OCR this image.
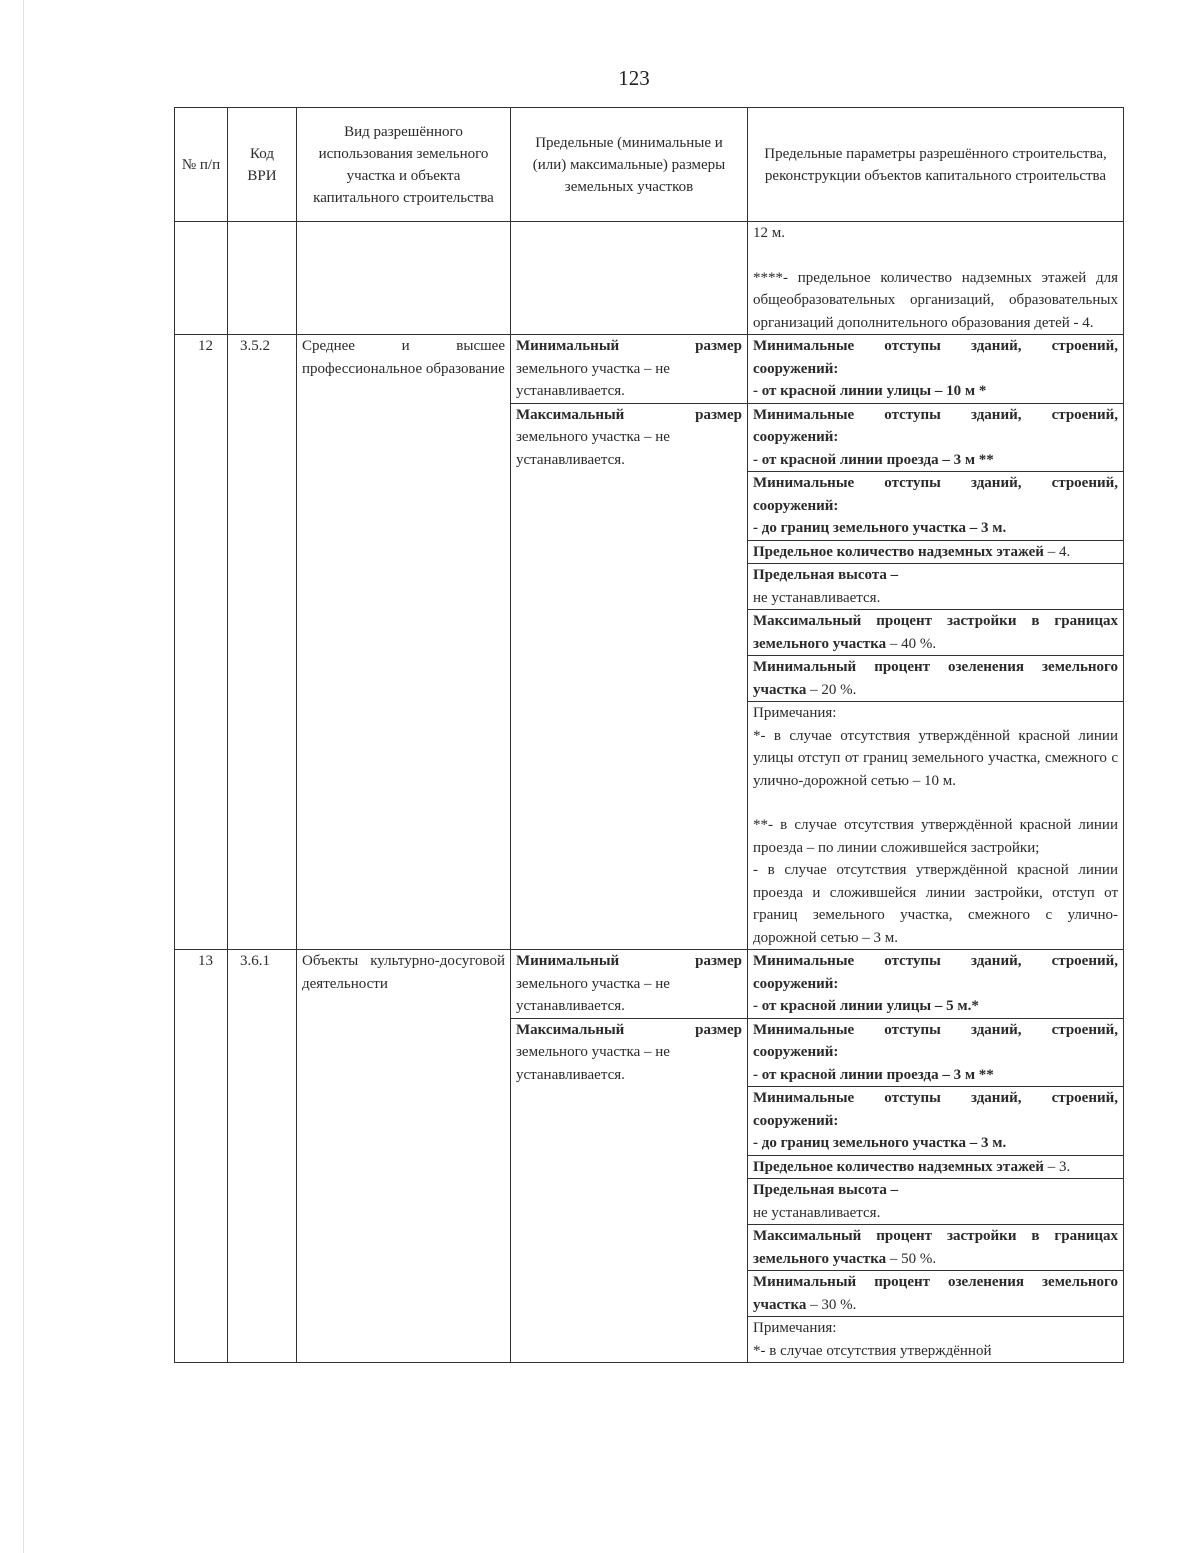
123
№ п/п	Код ВРИ	Вид разрешённого использования земельного участка и объекта капитального строительства	Предельные (минимальные и (или) максимальные) размеры земельных участков	Предельные параметры разрешённого строительства, реконструкции объектов капитального строительства

				12 м.

****- предельное количество надземных этажей для общеобразовательных организаций, образовательных организаций дополнительного образования детей - 4.

12	3.5.2	Среднее и высшее профессиональное образование	Минимальный размер
земельного участка – не устанавливается.	Минимальные отступы зданий, строений, сооружений:
- от красной линии улицы – 10 м *

			Максимальный размер
земельного участка – не устанавливается.	Минимальные отступы зданий, строений, сооружений:
- от красной линии проезда – 3 м **
				Минимальные отступы зданий, строений, сооружений:
- до границ земельного участка – 3 м.
				Предельное количество надземных этажей – 4.
				Предельная высота –
не устанавливается.
				Максимальный процент застройки в границах земельного участка – 40 %.
				Минимальный процент озеленения земельного участка – 20 %.

				Примечания:

*- в случае отсутствия утверждённой красной линии улицы отступ от границ земельного участка, смежного с улично-дорожной сетью – 10 м.

**- в случае отсутствия утверждённой красной линии проезда – по линии сложившейся застройки;

- в случае отсутствия утверждённой красной линии проезда и сложившейся линии застройки, отступ от границ земельного участка, смежного с улично-дорожной сетью – 3 м.

13	3.6.1	Объекты культурно-досуговой деятельности	Минимальный размер
земельного участка – не устанавливается.	Минимальные отступы зданий, строений, сооружений:
- от красной линии улицы – 5 м.*

			Максимальный размер
земельного участка – не устанавливается.	Минимальные отступы зданий, строений, сооружений:
- от красной линии проезда – 3 м **
				Минимальные отступы зданий, строений, сооружений:
- до границ земельного участка – 3 м.
				Предельное количество надземных этажей – 3.
				Предельная высота –
не устанавливается.
				Максимальный процент застройки в границах земельного участка – 50 %.
				Минимальный процент озеленения земельного участка – 30 %.

				Примечания:

*- в случае отсутствия утверждённой
